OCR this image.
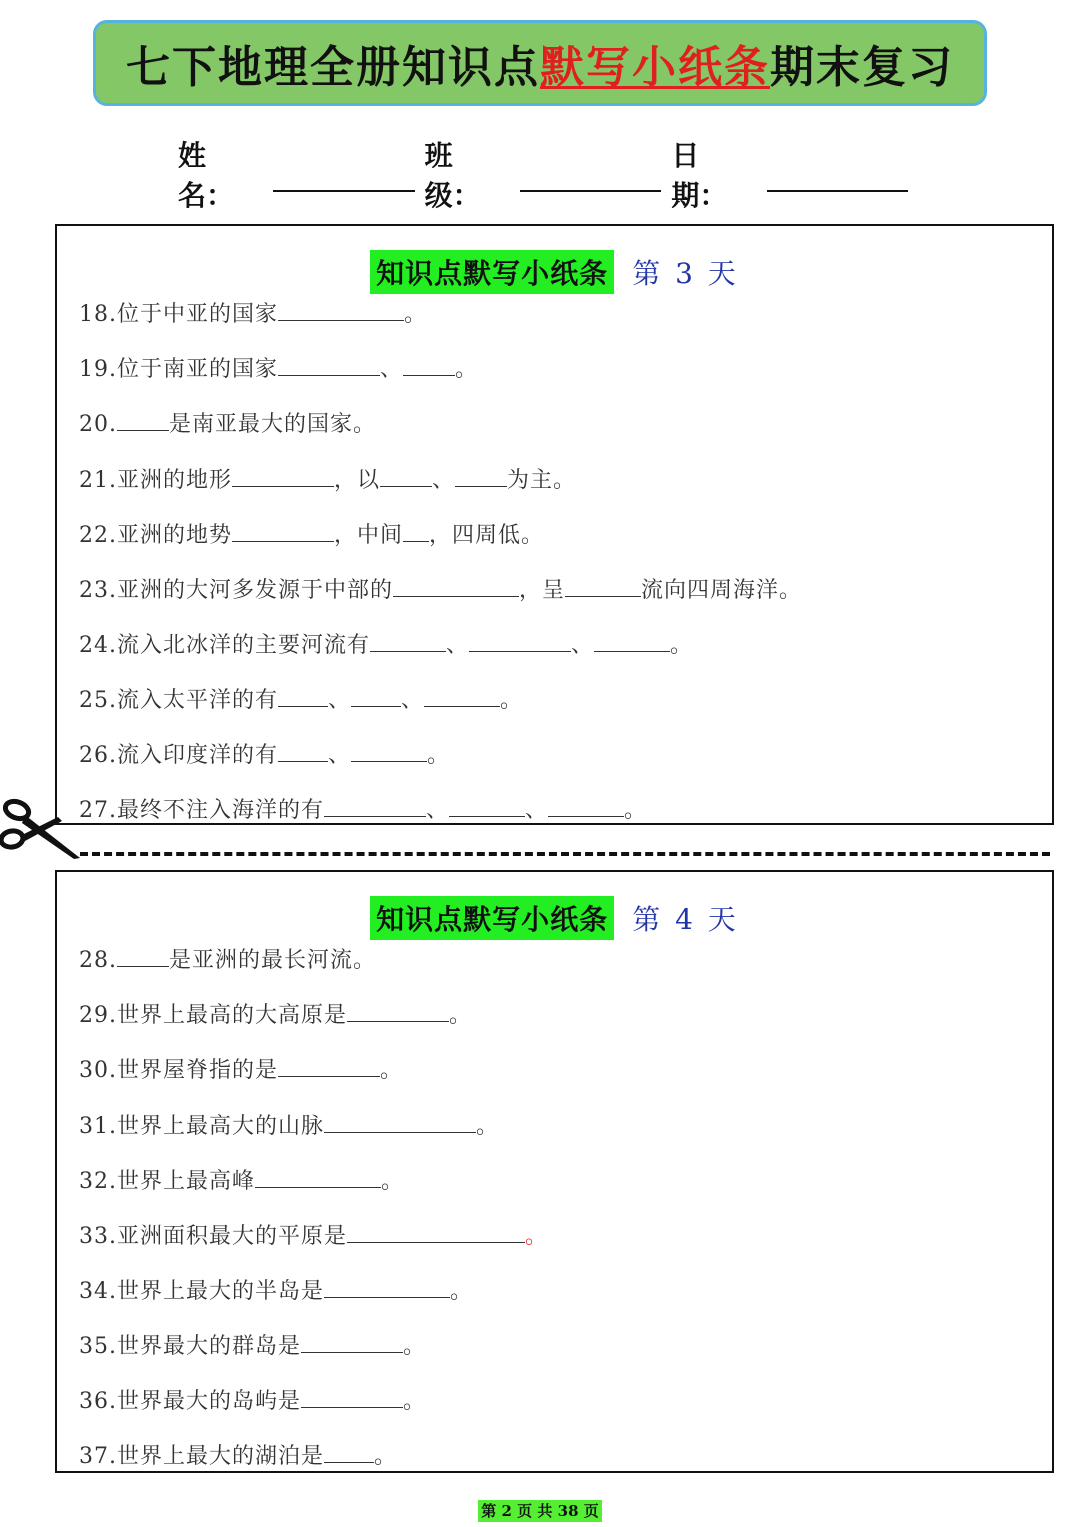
七下地理全册知识点 默写小纸条 期末复习
姓名：
班级：
日期：
知识点默写小纸条 第 3 天
18.位于中亚的国家	。
19.位于南亚的国家	、 。
20. 是南亚最大的国家。
21.亚洲的地形	，以 、 为主。
22.亚洲的地势	，中间 ，四周低。
23.亚洲的大河多发源于中部的	，呈	流向四周海洋。
24.流入北冰洋的主要河流有	、	、	。
25.流入太平洋的有 、 、	。
26.流入印度洋的有 、	。
27.最终不注入海洋的有	、	、	。
知识点默写小纸条 第 4 天
28. 是亚洲的最长河流。
29.世界上最高的大高原是	。
30.世界屋脊指的是	。
31.世界上最高大的山脉	。
32.世界上最高峰	。
33.亚洲面积最大的平原是	。
34.世界上最大的半岛是	。
35.世界最大的群岛是	。
36.世界最大的岛屿是	。
37.世界上最大的湖泊是 。
第 2 页 共 38 页
